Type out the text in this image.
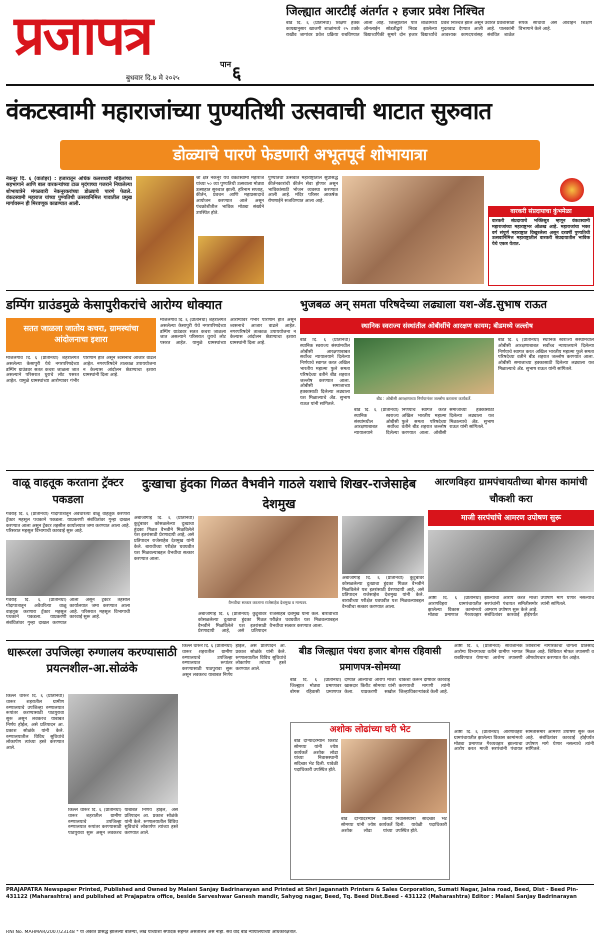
प्रजापत्र	पान ६
बुधवार दि.७ मे २०२५
जिल्ह्यात आरटीई अंतर्गत २ हजार प्रवेश निश्चित
बीड दि. ६ (प्रतिनिधी) शिक्षण हक्क कायद्यानुसार खाजगी शाळांमध्ये २५ टक्के राखीव जागांवर प्रवेश प्रक्रिया राबविण्यात आली आहे. जिल्ह्यातील पात्र शाळांमध्ये ऑनलाईन सोडतीद्वारे निवड झालेल्या विद्यार्थ्यांपैकी सुमारे दोन हजार विद्यार्थ्यांचे प्रवेश निश्चित झाले असून उर्वरित प्रवेशासाठी मुदतवाढ देण्यात आली आहे. पालकांनी आवश्यक कागदपत्रांसह संबंधित शाळेत संपर्क साधावा असे आवाहन शिक्षण विभागाने केले आहे.
वंकटस्वामी महाराजांच्या पुण्यतिथी उत्सवाची थाटात सुरुवात
डोळ्याचे पारणे फेडणारी अभूतपूर्व शोभायात्रा
नेकनूर दि. ६ (वार्ताहर) : हजारातून अधिक कलशधारी महिलांच्या सहभागाने आणि बाल वारकऱ्यांच्या टाळ मृदंगाच्या गजराने निघालेल्या शोभायात्रेने मंगळवारी नेकनूरकरांच्या डोळ्याचे पारणे फेडले. वंकटस्वामी महाराज यांच्या पुण्यतिथी उत्सवानिमित्त गावातील प्रमुख मार्गावरून ही मिरवणूक काढण्यात आली.
श्री क्षेत्र नेकनूर येथे वंकटस्वामी महाराज यांच्या ५० व्या पुण्यतिथी उत्सवाला मोठ्या उत्साहात सुरुवात झाली. हरिनाम सप्ताह, कीर्तन, प्रवचन आणि महाप्रसादाचे आयोजन करण्यात आले असून पंचक्रोशीतील भाविक मोठ्या संख्येने उपस्थित होते.
पुण्यतिथी उत्सवात महाराष्ट्रातील सुप्रसिद्ध कीर्तनकारांची कीर्तन सेवा होणार असून भाविकांसाठी भोजन व्यवस्था करण्यात आली आहे. मंदिर परिसर आकर्षक रोषणाईने सजविण्यात आला आहे.
वारकरी संप्रदायाचा कुंभमेळा
वारकरी संप्रदायाचे भक्तिसूत्र म्हणून वंकटस्वामी महाराजांच्या महाराष्ट्रभर ओळख आहे. महाराजांचा भक्त वर्ग संपूर्ण महाराष्ट्रात विखुरलेला असून दरवर्षी पुण्यतिथी उत्सवानिमित्त महाराष्ट्रातील वारकरी संप्रदायातील भाविक येथे एकत्र येतात.
डम्पिंग ग्राउंडमुळे केसापुरीकरांचे आरोग्य धोक्यात
सतत जाळला जातोय कचरा, ग्रामस्थांचा आंदोलनाचा इशारा
माजलगाव दि. ६ (प्रतिनिधी) शहरालगत असलेल्या केसापुरी येथे नगरपरिषदेच्या डम्पिंग ग्राउंडवर सतत कचरा जाळला जात असल्याने परिसरात धुराचे लोट पसरत आहेत. यामुळे ग्रामस्थांच्या आरोग्यावर गंभीर परिणाम होत असून श्वसनाचे आजार वाढले आहेत. नगरपरिषदेने तात्काळ उपाययोजना न केल्यास आंदोलन छेडण्याचा इशारा ग्रामस्थांनी दिला आहे.
माजलगाव दि. ६ (प्रतिनिधी) शहरालगत असलेल्या केसापुरी येथे नगरपरिषदेच्या डम्पिंग ग्राउंडवर सतत कचरा जाळला जात असल्याने परिसरात धुराचे लोट पसरत आहेत. यामुळे ग्रामस्थांच्या आरोग्यावर गंभीर परिणाम होत असून श्वसनाचे आजार वाढले आहेत. नगरपरिषदेने तात्काळ उपाययोजना न केल्यास आंदोलन छेडण्याचा इशारा ग्रामस्थांनी दिला आहे.
भुजबळ अन् समता परिषदेच्या लढ्याला यश-ॲड.सुभाष राऊत
स्थानिक स्वराज्य संस्थांतील ओबीसींचे आरक्षण कायम; बीडमध्ये जल्लोष
बीड दि. ६ (प्रतिनिधी) स्थानिक स्वराज्य संस्थांमधील ओबीसी आरक्षणाबाबत सर्वोच्च न्यायालयाने दिलेल्या निर्णयाचे स्वागत करत अखिल भारतीय महात्मा फुले समता परिषदेच्या वतीने बीड शहरात जल्लोष करण्यात आला. ओबीसी समाजाच्या हक्कासाठी दिलेल्या लढ्याला यश मिळाल्याचे ॲड. सुभाष राऊत यांनी सांगितले.
बीड : ओबीसी आरक्षणाच्या निर्णयानंतर जल्लोष करताना कार्यकर्ते.
बीड दि. ६ (प्रतिनिधी) स्थानिक स्वराज्य संस्थांमधील ओबीसी आरक्षणाबाबत सर्वोच्च न्यायालयाने दिलेल्या निर्णयाचे स्वागत करत अखिल भारतीय महात्मा फुले समता परिषदेच्या वतीने बीड शहरात जल्लोष करण्यात आला. ओबीसी समाजाच्या हक्कासाठी दिलेल्या लढ्याला यश मिळाल्याचे ॲड. सुभाष राऊत यांनी सांगितले.
बीड दि. ६ (प्रतिनिधी) स्थानिक स्वराज्य संस्थांमधील ओबीसी आरक्षणाबाबत सर्वोच्च न्यायालयाने दिलेल्या निर्णयाचे स्वागत करत अखिल भारतीय महात्मा फुले समता परिषदेच्या वतीने बीड शहरात जल्लोष करण्यात आला. ओबीसी समाजाच्या हक्कासाठी दिलेल्या लढ्याला यश मिळाल्याचे ॲड. सुभाष राऊत यांनी सांगितले.
वाळू वाहतूक करताना ट्रॅक्टर पकडला
गेवराई दि. ६ (प्रतिनिधी) गोदापात्रातून अवैधरित्या वाळू वाहतूक करणारा ट्रॅक्टर महसूल पथकाने पकडला. याप्रकरणी संबंधितांवर गुन्हा दाखल करण्यात आला असून ट्रॅक्टर तहसील कार्यालयात जमा करण्यात आला आहे. परिसरात महसूल विभागाची कारवाई सुरू आहे.
दुःखाचा हुंदका गिळत वैभवीने गाठले यशाचे शिखर-राजेसाहेब देशमुख
अंबाजोगाई दि. ६ (प्रतिनिधी) कुटुंबावर कोसळलेल्या दुःखाचा हुंदका गिळत वैभवीने मिळविलेले यश इतरांसाठी प्रेरणादायी आहे, असे प्रतिपादन राजेसाहेब देशमुख यांनी केले. बारावीच्या परीक्षेत घवघवीत यश मिळवल्याबद्दल वैभवीचा सत्कार करण्यात आला.
वैभवीचा सत्कार करताना राजेसाहेब देशमुख व मान्यवर.
अंबाजोगाई दि. ६ (प्रतिनिधी) कुटुंबावर कोसळलेल्या दुःखाचा हुंदका गिळत वैभवीने मिळविलेले यश इतरांसाठी प्रेरणादायी आहे, असे प्रतिपादन राजेसाहेब देशमुख यांनी केले. बारावीच्या परीक्षेत घवघवीत यश मिळवल्याबद्दल वैभवीचा सत्कार करण्यात आला.
अंबाजोगाई दि. ६ (प्रतिनिधी) कुटुंबावर कोसळलेल्या दुःखाचा हुंदका गिळत वैभवीने मिळविलेले यश इतरांसाठी प्रेरणादायी आहे, असे प्रतिपादन राजेसाहेब देशमुख यांनी केले. बारावीच्या परीक्षेत घवघवीत यश मिळवल्याबद्दल वैभवीचा सत्कार करण्यात आला.
आरणविहरा ग्रामपंचायतीच्या बोगस कामांची चौकशी करा
माजी सरपंचांचे आमरण उपोषण सुरू
आष्टी दि. ६ (प्रतिनिधी) आरणविहरा ग्रामपंचायतीत झालेल्या विकास कामांमध्ये मोठ्या प्रमाणात गैरव्यवहार झाल्याचा आरोप करत माजी सरपंचांनी पंचायत समितीसमोर आमरण उपोषण सुरू केले आहे. संबंधितांवर कारवाई होईपर्यंत उपोषण मागे घेणार नसल्याचे त्यांनी सांगितले.
गेवराई दि. ६ (प्रतिनिधी) गोदापात्रातून अवैधरित्या वाळू वाहतूक करणारा ट्रॅक्टर महसूल पथकाने पकडला. याप्रकरणी संबंधितांवर गुन्हा दाखल करण्यात आला असून ट्रॅक्टर तहसील कार्यालयात जमा करण्यात आला आहे. परिसरात महसूल विभागाची कारवाई सुरू आहे.
धारूरला उपजिल्हा रुग्णालय करण्यासाठी प्रयत्नशील-आ.सोळंके
किल्ले धारूर दि. ६ (प्रतिनिधी) धारूर शहरातील ग्रामीण रुग्णालयाचे उपजिल्हा रुग्णालयात रूपांतर करण्यासाठी पाठपुरावा सुरू असून लवकरच याबाबत निर्णय होईल, असे प्रतिपादन आ. प्रकाश सोळंके यांनी केले. रुग्णालयातील विविध सुविधांचे लोकार्पण त्यांच्या हस्ते करण्यात आले.
किल्ले धारूर दि. ६ (प्रतिनिधी) धारूर शहरातील ग्रामीण रुग्णालयाचे उपजिल्हा रुग्णालयात रूपांतर करण्यासाठी पाठपुरावा सुरू असून लवकरच याबाबत निर्णय होईल, असे प्रतिपादन आ. प्रकाश सोळंके यांनी केले. रुग्णालयातील विविध सुविधांचे लोकार्पण त्यांच्या हस्ते करण्यात आले.
किल्ले धारूर दि. ६ (प्रतिनिधी) धारूर शहरातील ग्रामीण रुग्णालयाचे उपजिल्हा रुग्णालयात रूपांतर करण्यासाठी पाठपुरावा सुरू असून लवकरच याबाबत निर्णय होईल, असे प्रतिपादन आ. प्रकाश सोळंके यांनी केले. रुग्णालयातील विविध सुविधांचे लोकार्पण त्यांच्या हस्ते करण्यात आले.
बीड जिल्ह्यात पंधरा हजार बोगस रहिवासी प्रमाणपत्र-सोमय्या
बीड दि. ६ (प्रतिनिधी) जिल्ह्यात मोठ्या प्रमाणावर बोगस रहिवासी प्रमाणपत्र देण्यात आल्याचा आरोप माजी खासदार किरीट सोमय्या यांनी केला. याप्रकरणी सखोल चौकशी करून दोषींवर कारवाई करण्याची मागणी त्यांनी जिल्हाधिकाऱ्यांकडे केली आहे.
अशोक लोढांच्या घरी भेट
बीड दौऱ्यादरम्यान किरीट सोमय्या यांनी ज्येष्ठ कार्यकर्ते अशोक लोढा यांच्या निवासस्थानी सदिच्छा भेट दिली. यावेळी पदाधिकारी उपस्थित होते.
बीड दौऱ्यादरम्यान किरीट सोमय्या यांनी ज्येष्ठ कार्यकर्ते अशोक लोढा यांच्या निवासस्थानी सदिच्छा भेट दिली. यावेळी पदाधिकारी उपस्थित होते.
आष्टी दि. ६ (प्रतिनिधी) सार्वजनिक आरोग्य विभागाच्या वतीने ग्रामीण भागात राबविण्यात येणाऱ्या आरोग्य तपासणी शिबिरांना नागरिकांचा चांगला प्रतिसाद मिळत आहे. शिबिरात मोफत तपासणी व औषधोपचार करण्यात येत आहेत.
आष्टी दि. ६ (प्रतिनिधी) आरणविहरा ग्रामपंचायतीत झालेल्या विकास कामांमध्ये मोठ्या प्रमाणात गैरव्यवहार झाल्याचा आरोप करत माजी सरपंचांनी पंचायत समितीसमोर आमरण उपोषण सुरू केले आहे. संबंधितांवर कारवाई होईपर्यंत उपोषण मागे घेणार नसल्याचे त्यांनी सांगितले.
PRAJAPATRA Newspaper Printed, Published and Owned by Malani Sanjay Badrinarayan and Printed at Shri Jagannath Printers & Sales Corporation, Sumati Nagar, Jalna road, Beed, Dist - Beed Pin- 431122 (Maharashtra) and published at Prajapatra office, beside Sarveshwar Ganesh mandir, Sahyog nagar, Beed, Tq. Beed Dist.Beed - 431122 (Maharashtra) Editor : Malani Sanjay Badrinarayan
RNI No. MAHMAR/2007/23148 * या अंकात प्रसिद्ध झालेल्या बातम्या, लेख यांच्याशी संपादक सहमत असतीलच असे नाही. सर्व वाद बीड न्यायालयाच्या अधिकारक्षेत्रात.
